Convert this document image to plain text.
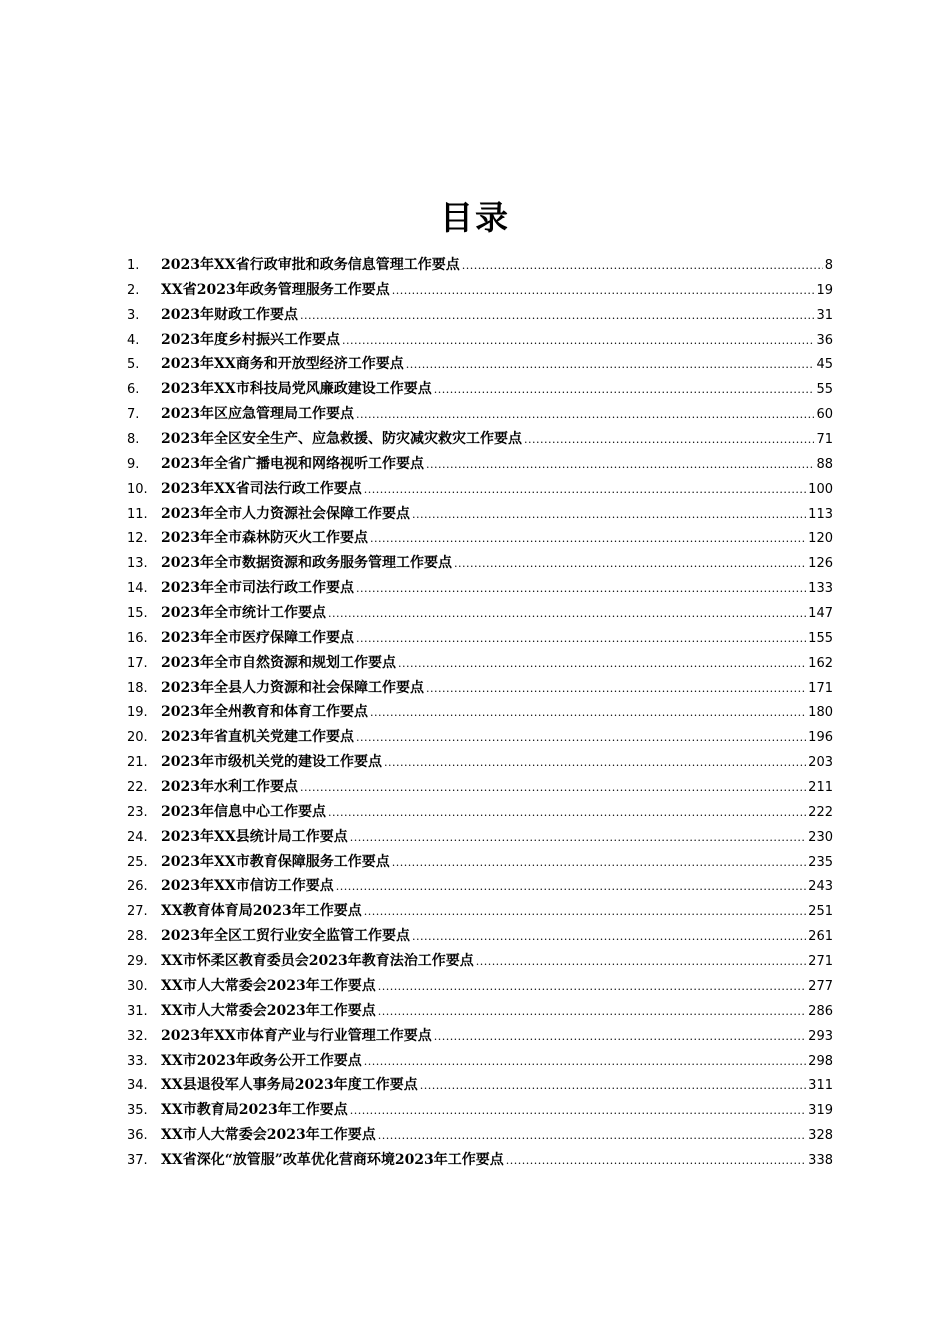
目录
1.	2023年XX省行政审批和政务信息管理工作要点 .....	8
2.	XX省2023年政务管理服务工作要点 .....	19
3.	2023年财政工作要点 .....	31
4.	2023年度乡村振兴工作要点 .....	36
5.	2023年XX商务和开放型经济工作要点 .....	45
6.	2023年XX市科技局党风廉政建设工作要点 .....	55
7.	2023年区应急管理局工作要点 .....	60
8.	2023年全区安全生产、应急救援、防灾减灾救灾工作要点 .....	71
9.	2023年全省广播电视和网络视听工作要点 .....	88
10. 2023年XX省司法行政工作要点 .....	100
11. 2023年全市人力资源社会保障工作要点 .....	113
12. 2023年全市森林防灭火工作要点 .....	120
13. 2023年全市数据资源和政务服务管理工作要点 .....	126
14. 2023年全市司法行政工作要点 .....	133
15. 2023年全市统计工作要点 .....	147
16. 2023年全市医疗保障工作要点 .....	155
17. 2023年全市自然资源和规划工作要点 .....	162
18. 2023年全县人力资源和社会保障工作要点 .....	171
19. 2023年全州教育和体育工作要点 .....	180
20. 2023年省直机关党建工作要点 .....	196
21. 2023年市级机关党的建设工作要点 .....	203
22. 2023年水利工作要点 .....	211
23. 2023年信息中心工作要点 .....	222
24. 2023年XX县统计局工作要点 .....	230
25. 2023年XX市教育保障服务工作要点 .....	235
26. 2023年XX市信访工作要点 .....	243
27. XX教育体育局2023年工作要点 .....	251
28. 2023年全区工贸行业安全监管工作要点 .....	261
29. XX市怀柔区教育委员会2023年教育法治工作要点 .....	271
30. XX市人大常委会2023年工作要点 .....	277
31. XX市人大常委会2023年工作要点 .....	286
32. 2023年XX市体育产业与行业管理工作要点 .....	293
33. XX市2023年政务公开工作要点 .....	298
34. XX县退役军人事务局2023年度工作要点 .....	311
35. XX市教育局2023年工作要点 .....	319
36. XX市人大常委会2023年工作要点 .....	328
37. XX省深化“放管服”改革优化营商环境2023年工作要点 .....	338
